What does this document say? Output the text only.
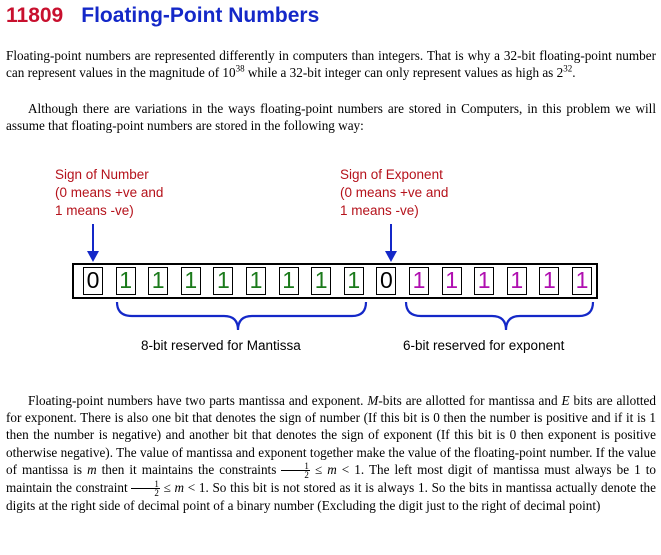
11809 Floating-Point Numbers
Floating-point numbers are represented differently in computers than integers. That is why a 32-bit floating-point number can represent values in the magnitude of $10^{38}$ while a 32-bit integer can only represent values as high as $2^{32}$.
Although there are variations in the ways floating-point numbers are stored in Computers, in this problem we will assume that floating-point numbers are stored in the following way:
Sign of Number
(0 means +ve and
1 means -ve)
Sign of Exponent
(0 means +ve and
1 means -ve)
0 1 1 1 1 1 1 1 1 0 1 1 1 1 1 1
8-bit reserved for Mantissa	6-bit reserved for exponent
Floating-point numbers have two parts mantissa and exponent. M-bits are allotted for mantissa and E bits are allotted for exponent. There is also one bit that denotes the sign of number (If this bit is 0 then the number is positive and if it is 1 then the number is negative) and another bit that denotes the sign of exponent (If this bit is 0 then exponent is positive otherwise negative). The value of mantissa and exponent together make the value of the floating-point number. If the value of mantissa is m then it maintains the constraints $\frac{1}{2} \le m < 1$. The left most digit of mantissa must always be 1 to maintain the constraint $\frac{1}{2} \le m < 1$. So this bit is not stored as it is always 1. So the bits in mantissa actually denote the digits at the right side of decimal point of a binary number (Excluding the digit just to the right of decimal point)
